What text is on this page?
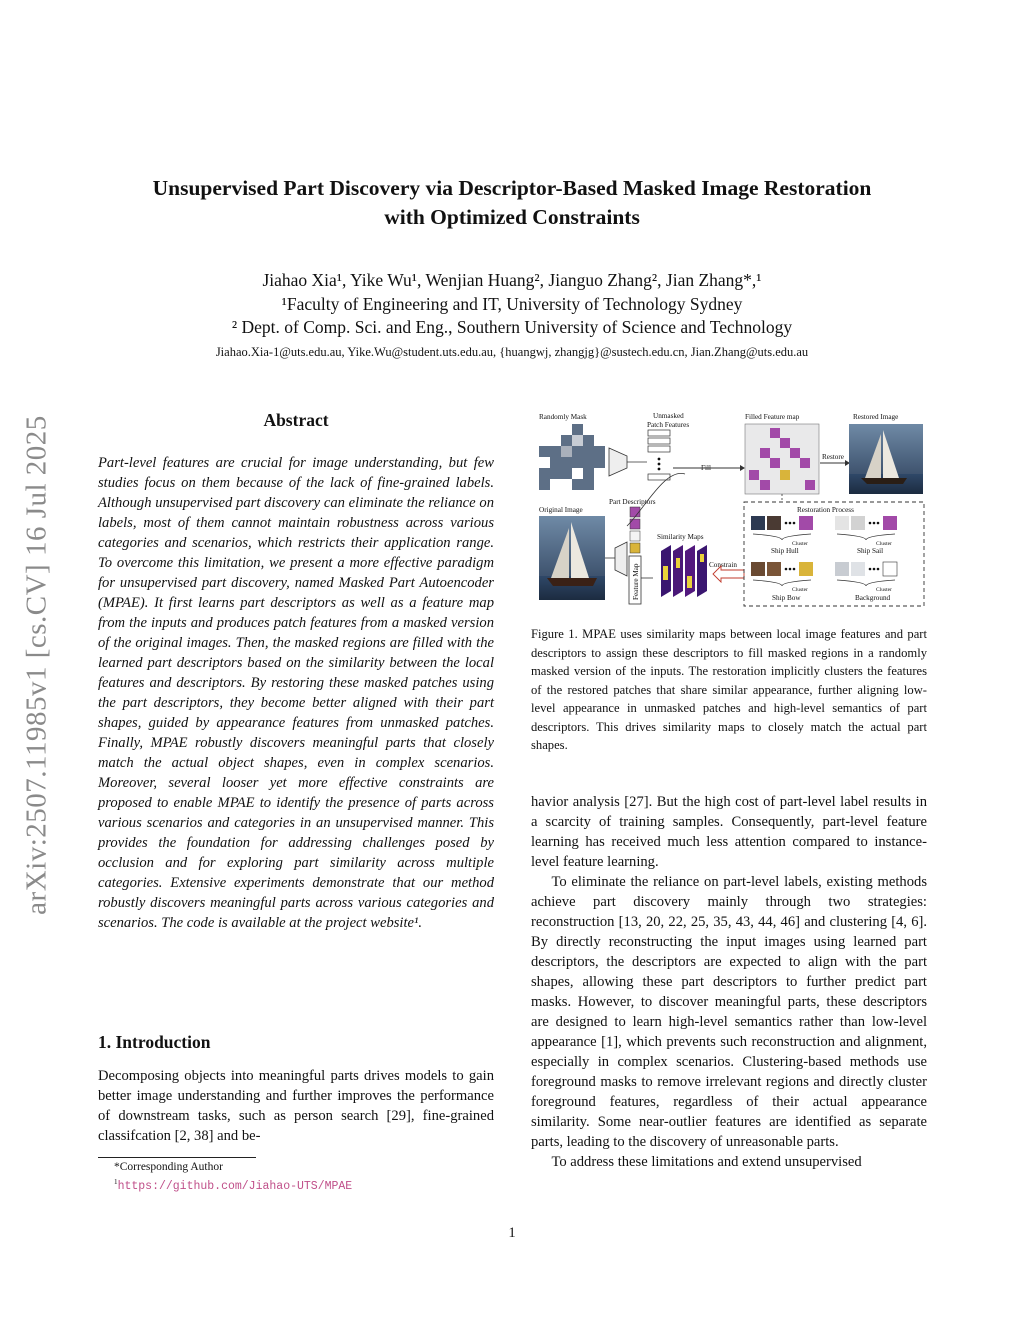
arXiv:2507.11985v1 [cs.CV] 16 Jul 2025
Unsupervised Part Discovery via Descriptor-Based Masked Image Restoration
with Optimized Constraints
Jiahao Xia¹, Yike Wu¹, Wenjian Huang², Jianguo Zhang², Jian Zhang*,¹
¹Faculty of Engineering and IT, University of Technology Sydney
² Dept. of Comp. Sci. and Eng., Southern University of Science and Technology
Jiahao.Xia-1@uts.edu.au, Yike.Wu@student.uts.edu.au, {huangwj, zhangjg}@sustech.edu.cn, Jian.Zhang@uts.edu.au
Abstract
Part-level features are crucial for image understanding, but few studies focus on them because of the lack of fine-grained labels. Although unsupervised part discovery can eliminate the reliance on labels, most of them cannot maintain robustness across various categories and scenarios, which restricts their application range. To overcome this limitation, we present a more effective paradigm for unsupervised part discovery, named Masked Part Autoencoder (MPAE). It first learns part descriptors as well as a feature map from the inputs and produces patch features from a masked version of the original images. Then, the masked regions are filled with the learned part descriptors based on the similarity between the local features and descriptors. By restoring these masked patches using the part descriptors, they become better aligned with their part shapes, guided by appearance features from unmasked patches. Finally, MPAE robustly discovers meaningful parts that closely match the actual object shapes, even in complex scenarios. Moreover, several looser yet more effective constraints are proposed to enable MPAE to identify the presence of parts across various scenarios and categories in an unsupervised manner. This provides the foundation for addressing challenges posed by occlusion and for exploring part similarity across multiple categories. Extensive experiments demonstrate that our method robustly discovers meaningful parts across various categories and scenarios. The code is available at the project website¹.
1. Introduction
Decomposing objects into meaningful parts drives models to gain better image understanding and further improves the performance of downstream tasks, such as person search [29], fine-grained classifcation [2, 38] and be-
*Corresponding Author
$^1$https://github.com/Jiahao-UTS/MPAE
Randomly Mask	Unmasked
Patch Features
Filled Feature map	Restored Image
Fill
Restore
Original Image
Part Descriptors
Feature Map
Similarity Maps
Constrain
Restoration Process
Cluster
Ship Hull
Cluster
Ship Sail
Cluster
Ship Bow
Cluster
Background
Figure 1. MPAE uses similarity maps between local image features and part descriptors to assign these descriptors to fill masked regions in a randomly masked version of the inputs. The restoration implicitly clusters the features of the restored patches that share similar appearance, further aligning low-level appearance in unmasked patches and high-level semantics of part descriptors. This drives similarity maps to closely match the actual part shapes.

havior analysis [27]. But the high cost of part-level label results in a scarcity of training samples. Consequently, part-level feature learning has received much less attention compared to instance-level feature learning.

To eliminate the reliance on part-level labels, existing methods achieve part discovery mainly through two strategies: reconstruction [13, 20, 22, 25, 35, 43, 44, 46] and clustering [4, 6]. By directly reconstructing the input images using learned part descriptors, the descriptors are expected to align with the part shapes, allowing these part descriptors to further predict part masks. However, to discover meaningful parts, these descriptors are designed to learn high-level semantics rather than low-level appearance [1], which prevents such reconstruction and alignment, especially in complex scenarios. Clustering-based methods use foreground masks to remove irrelevant regions and directly cluster foreground features, regardless of their actual appearance similarity. Some near-outlier features are identified as separate parts, leading to the discovery of unreasonable parts.

To address these limitations and extend unsupervised

1
